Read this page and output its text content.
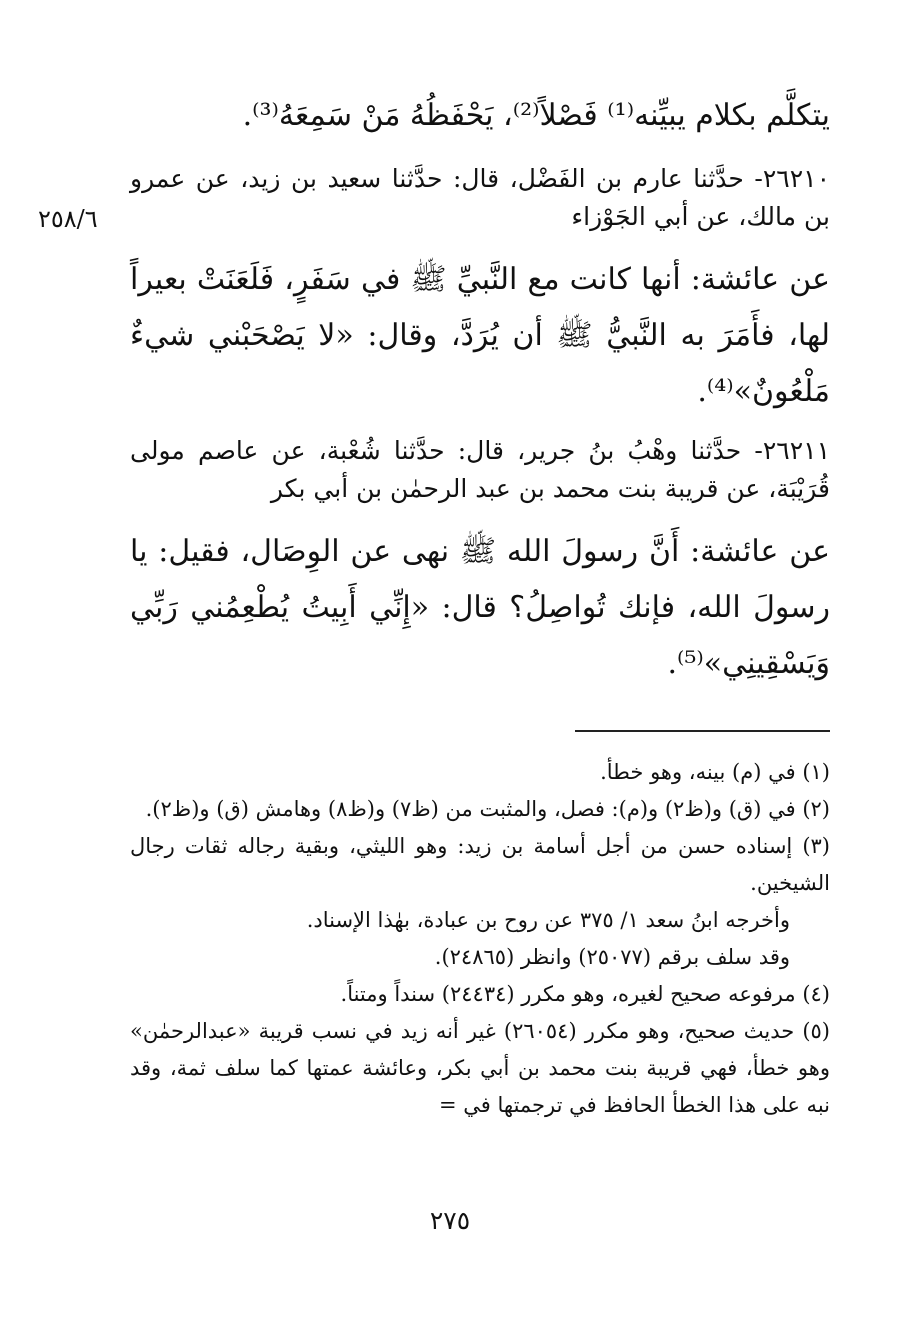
٢٥٨/٦
يتكلَّم بكلام يبيِّنه⁽¹⁾ فَصْلاً⁽²⁾، يَحْفَظُهُ مَنْ سَمِعَهُ⁽³⁾.
٢٦٢١٠- حدَّثنا عارم بن الفَضْل، قال: حدَّثنا سعيد بن زيد، عن عمرو بن مالك، عن أبي الجَوْزاء
عن عائشة: أنها كانت مع النَّبيِّ ﷺ في سَفَرٍ، فَلَعَنَتْ بعيراً لها، فأَمَرَ به النَّبيُّ ﷺ أن يُرَدَّ، وقال: «لا يَصْحَبْني شيءٌ مَلْعُونٌ»⁽⁴⁾.
٢٦٢١١- حدَّثنا وهْبُ بنُ جرير، قال: حدَّثنا شُعْبة، عن عاصم مولى قُرَيْبَة، عن قريبة بنت محمد بن عبد الرحمٰن بن أبي بكر
عن عائشة: أَنَّ رسولَ الله ﷺ نهى عن الوِصَال، فقيل: يا رسولَ الله، فإنك تُواصِلُ؟ قال: «إِنِّي أَبِيتُ يُطْعِمُني رَبِّي وَيَسْقِينِي»⁽⁵⁾.

(١) في (م) بينه، وهو خطأ.

(٢) في (ق) و(ظ٢) و(م): فصل، والمثبت من (ظ٧) و(ظ٨) وهامش (ق) و(ظ٢).

(٣) إسناده حسن من أجل أسامة بن زيد: وهو الليثي، وبقية رجاله ثقات رجال الشيخين.

وأخرجه ابنُ سعد ١/ ٣٧٥ عن روح بن عبادة، بهٰذا الإسناد.

وقد سلف برقم (٢٥٠٧٧) وانظر (٢٤٨٦٥).

(٤) مرفوعه صحيح لغيره، وهو مكرر (٢٤٤٣٤) سنداً ومتناً.

(٥) حديث صحيح، وهو مكرر (٢٦٠٥٤) غير أنه زيد في نسب قريبة «عبدالرحمٰن» وهو خطأ، فهي قريبة بنت محمد بن أبي بكر، وعائشة عمتها كما سلف ثمة، وقد نبه على هذا الخطأ الحافظ في ترجمتها في =

٢٧٥
